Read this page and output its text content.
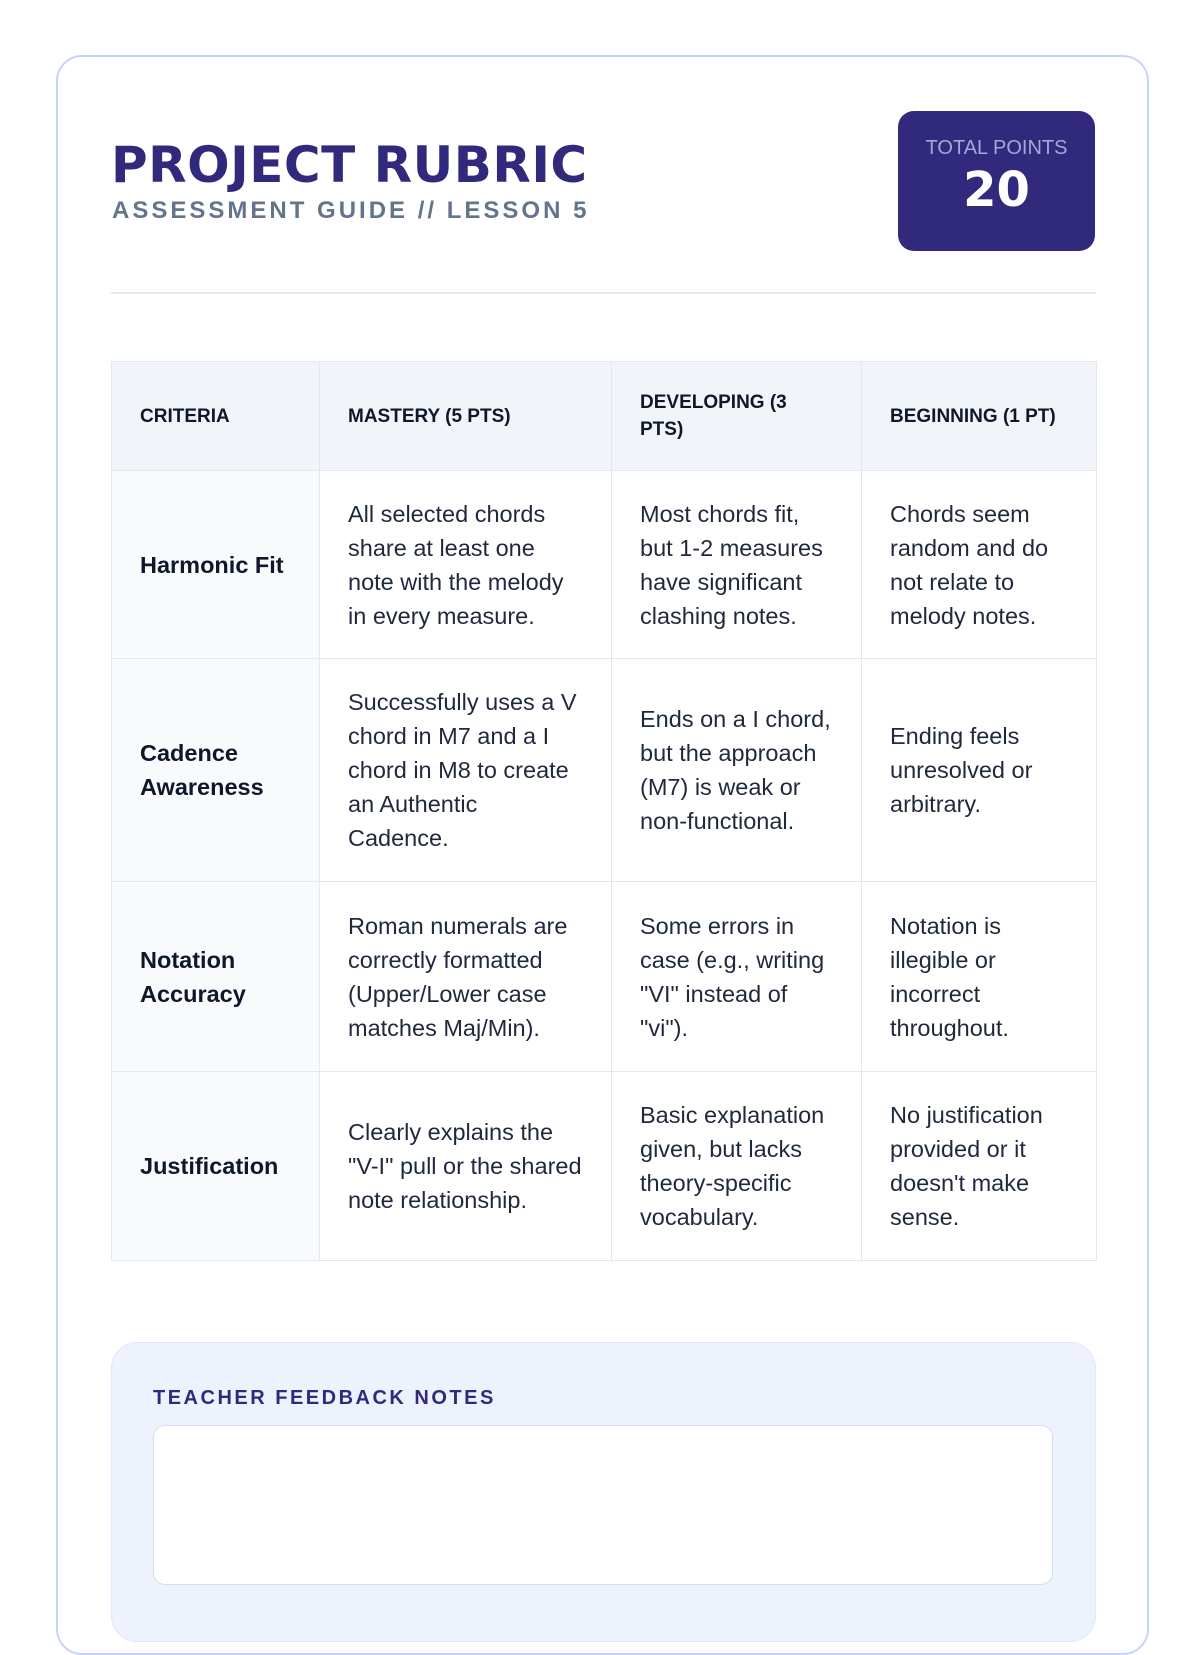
PROJECT RUBRIC
ASSESSMENT GUIDE // LESSON 5
TOTAL POINTS
20
CRITERIA	MASTERY (5 PTS)	DEVELOPING (3 PTS)	BEGINNING (1 PT)
Harmonic Fit	All selected chords share at least one note with the melody in every measure.	Most chords fit, but 1-2 measures have significant clashing notes.	Chords seem random and do not relate to melody notes.
Cadence Awareness	Successfully uses a V chord in M7 and a I chord in M8 to create an Authentic Cadence.	Ends on a I chord, but the approach (M7) is weak or non-functional.	Ending feels unresolved or arbitrary.
Notation Accuracy	Roman numerals are correctly formatted (Upper/Lower case matches Maj/Min).	Some errors in case (e.g., writing "VI" instead of "vi").	Notation is illegible or incorrect throughout.
Justification	Clearly explains the "V-I" pull or the shared note relationship.	Basic explanation given, but lacks theory-specific vocabulary.	No justification provided or it doesn't make sense.
TEACHER FEEDBACK NOTES
